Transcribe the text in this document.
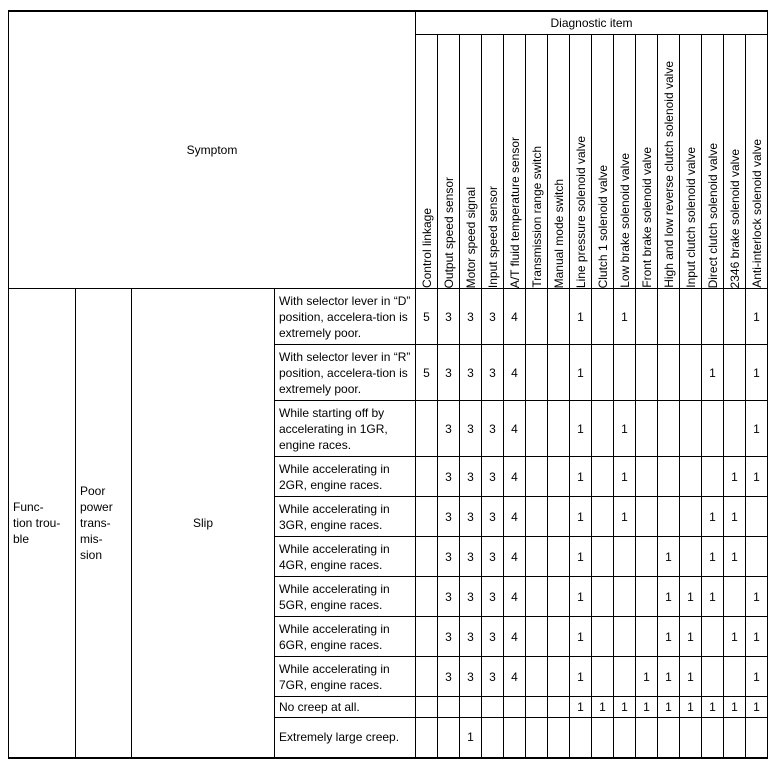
Symptom				Diagnostic item															

				Control linkage	Output speed sensor	Motor speed signal	Input speed sensor	A/T fluid temperature sensor	Transmission range switch	Manual mode switch	Line pressure solenoid valve	Clutch 1 solenoid valve	Low brake solenoid valve	Front brake solenoid valve	High and low reverse clutch solenoid valve	Input clutch solenoid valve	Direct clutch solenoid valve	2346 brake solenoid valve	Anti-interlock solenoid valve

Func-
tion trou-
ble	Poor
power
trans-
mis-
sion	Slip	With selector lever in “D” position, accelera-tion is extremely poor.	5	3	3	3	4			1		1						1
			With selector lever in “R” position, accelera-tion is extremely poor.	5	3	3	3	4			1						1		1
			While starting off by accelerating in 1GR, engine races.		3	3	3	4			1		1						1
			While accelerating in 2GR, engine races.		3	3	3	4			1		1					1	1
			While accelerating in 3GR, engine races.		3	3	3	4			1		1				1	1	
			While accelerating in 4GR, engine races.		3	3	3	4			1				1		1	1	
			While accelerating in 5GR, engine races.		3	3	3	4			1				1	1	1		1
			While accelerating in 6GR, engine races.		3	3	3	4			1				1	1		1	1
			While accelerating in 7GR, engine races.		3	3	3	4			1			1	1	1			1
			No creep at all.								1	1	1	1	1	1	1	1	1
			Extremely large creep.			1													
